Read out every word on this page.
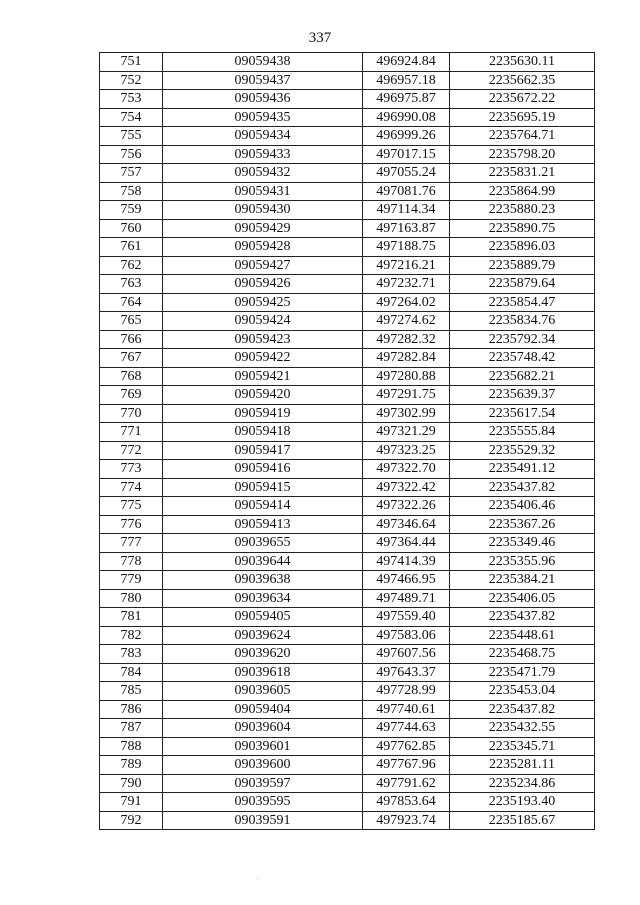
337
751	09059438	496924.84	2235630.11
752	09059437	496957.18	2235662.35
753	09059436	496975.87	2235672.22
754	09059435	496990.08	2235695.19
755	09059434	496999.26	2235764.71
756	09059433	497017.15	2235798.20
757	09059432	497055.24	2235831.21
758	09059431	497081.76	2235864.99
759	09059430	497114.34	2235880.23
760	09059429	497163.87	2235890.75
761	09059428	497188.75	2235896.03
762	09059427	497216.21	2235889.79
763	09059426	497232.71	2235879.64
764	09059425	497264.02	2235854.47
765	09059424	497274.62	2235834.76
766	09059423	497282.32	2235792.34
767	09059422	497282.84	2235748.42
768	09059421	497280.88	2235682.21
769	09059420	497291.75	2235639.37
770	09059419	497302.99	2235617.54
771	09059418	497321.29	2235555.84
772	09059417	497323.25	2235529.32
773	09059416	497322.70	2235491.12
774	09059415	497322.42	2235437.82
775	09059414	497322.26	2235406.46
776	09059413	497346.64	2235367.26
777	09039655	497364.44	2235349.46
778	09039644	497414.39	2235355.96
779	09039638	497466.95	2235384.21
780	09039634	497489.71	2235406.05
781	09059405	497559.40	2235437.82
782	09039624	497583.06	2235448.61
783	09039620	497607.56	2235468.75
784	09039618	497643.37	2235471.79
785	09039605	497728.99	2235453.04
786	09059404	497740.61	2235437.82
787	09039604	497744.63	2235432.55
788	09039601	497762.85	2235345.71
789	09039600	497767.96	2235281.11
790	09039597	497791.62	2235234.86
791	09039595	497853.64	2235193.40
792	09039591	497923.74	2235185.67
